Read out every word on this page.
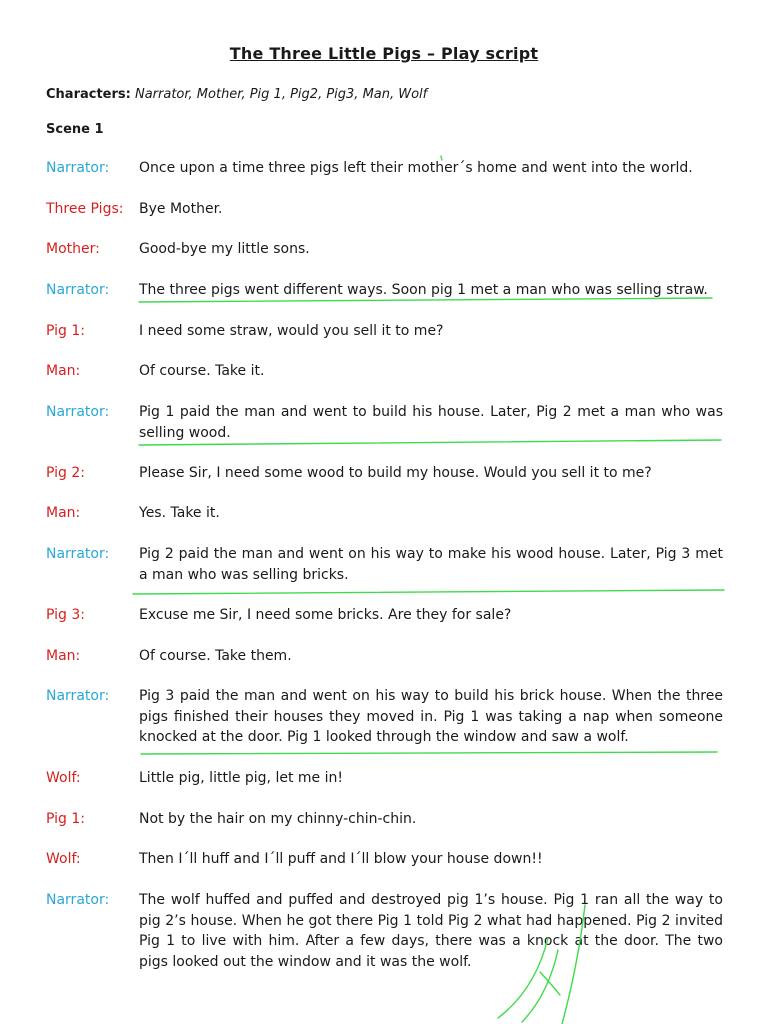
The Three Little Pigs – Play script
Characters: Narrator, Mother, Pig 1, Pig2, Pig3, Man, Wolf
Scene 1
Narrator: Once upon a time three pigs left their mother´s home and went into the world.
Three Pigs: Bye Mother.
Mother:	Good-bye my little sons.
Narrator: The three pigs went different ways. Soon pig 1 met a man who was selling straw.
Pig 1:	I need some straw, would you sell it to me?
Man:	Of course. Take it.
Narrator: Pig 1 paid the man and went to build his house. Later, Pig 2 met a man who was selling wood.
Pig 2:	Please Sir, I need some wood to build my house. Would you sell it to me?
Man:	Yes. Take it.
Narrator: Pig 2 paid the man and went on his way to make his wood house. Later, Pig 3 met a man who was selling bricks.
Pig 3:	Excuse me Sir, I need some bricks. Are they for sale?
Man:	Of course. Take them.
Narrator: Pig 3 paid the man and went on his way to build his brick house. When the three pigs finished their houses they moved in. Pig 1 was taking a nap when someone knocked at the door. Pig 1 looked through the window and saw a wolf.
Wolf:	Little pig, little pig, let me in!
Pig 1:	Not by the hair on my chinny-chin-chin.
Wolf:	Then I´ll huff and I´ll puff and I´ll blow your house down!!
Narrator: The wolf huffed and puffed and destroyed pig 1’s house. Pig 1 ran all the way to pig 2’s house. When he got there Pig 1 told Pig 2 what had happened. Pig 2 invited Pig 1 to live with him. After a few days, there was a knock at the door. The two pigs looked out the window and it was the wolf.
